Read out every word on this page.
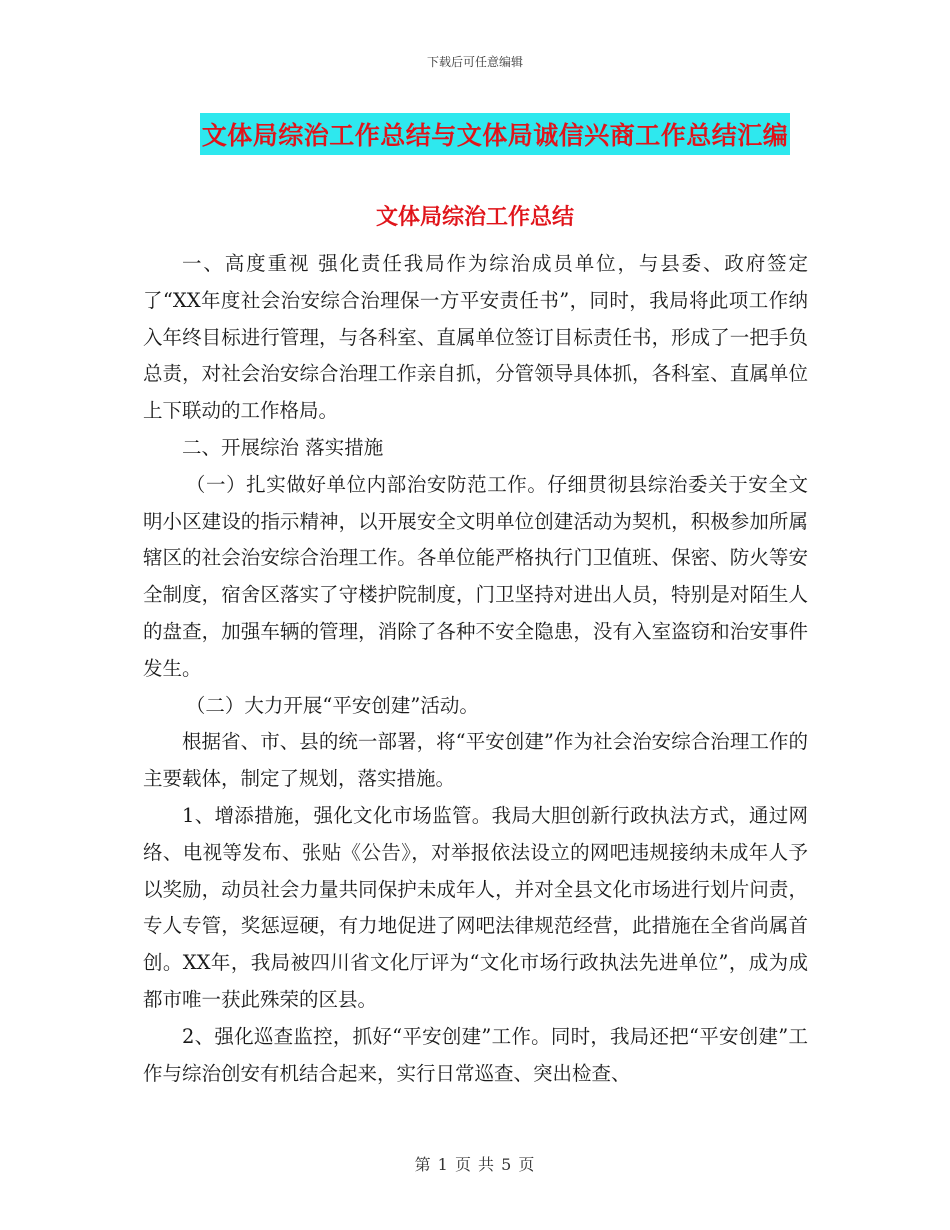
下载后可任意编辑
文体局综治工作总结与文体局诚信兴商工作总结汇编
文体局综治工作总结

一、高度重视 强化责任我局作为综治成员单位，与县委、政府签定了“XX年度社会治安综合治理保一方平安责任书”，同时，我局将此项工作纳入年终目标进行管理，与各科室、直属单位签订目标责任书，形成了一把手负总责，对社会治安综合治理工作亲自抓，分管领导具体抓，各科室、直属单位上下联动的工作格局。

二、开展综治 落实措施

（一）扎实做好单位内部治安防范工作。仔细贯彻县综治委关于安全文明小区建设的指示精神，以开展安全文明单位创建活动为契机，积极参加所属辖区的社会治安综合治理工作。各单位能严格执行门卫值班、保密、防火等安全制度，宿舍区落实了守楼护院制度，门卫坚持对进出人员，特别是对陌生人的盘查，加强车辆的管理，消除了各种不安全隐患，没有入室盗窃和治安事件发生。

（二）大力开展“平安创建”活动。

根据省、市、县的统一部署，将“平安创建”作为社会治安综合治理工作的主要载体，制定了规划，落实措施。

1、增添措施，强化文化市场监管。我局大胆创新行政执法方式，通过网络、电视等发布、张贴《公告》，对举报依法设立的网吧违规接纳未成年人予以奖励，动员社会力量共同保护未成年人，并对全县文化市场进行划片问责，专人专管，奖惩逗硬，有力地促进了网吧法律规范经营，此措施在全省尚属首创。XX年，我局被四川省文化厅评为“文化市场行政执法先进单位”，成为成都市唯一获此殊荣的区县。

2、强化巡查监控，抓好“平安创建”工作。同时，我局还把“平安创建”工作与综治创安有机结合起来，实行日常巡查、突出检查、

第 1 页 共 5 页
